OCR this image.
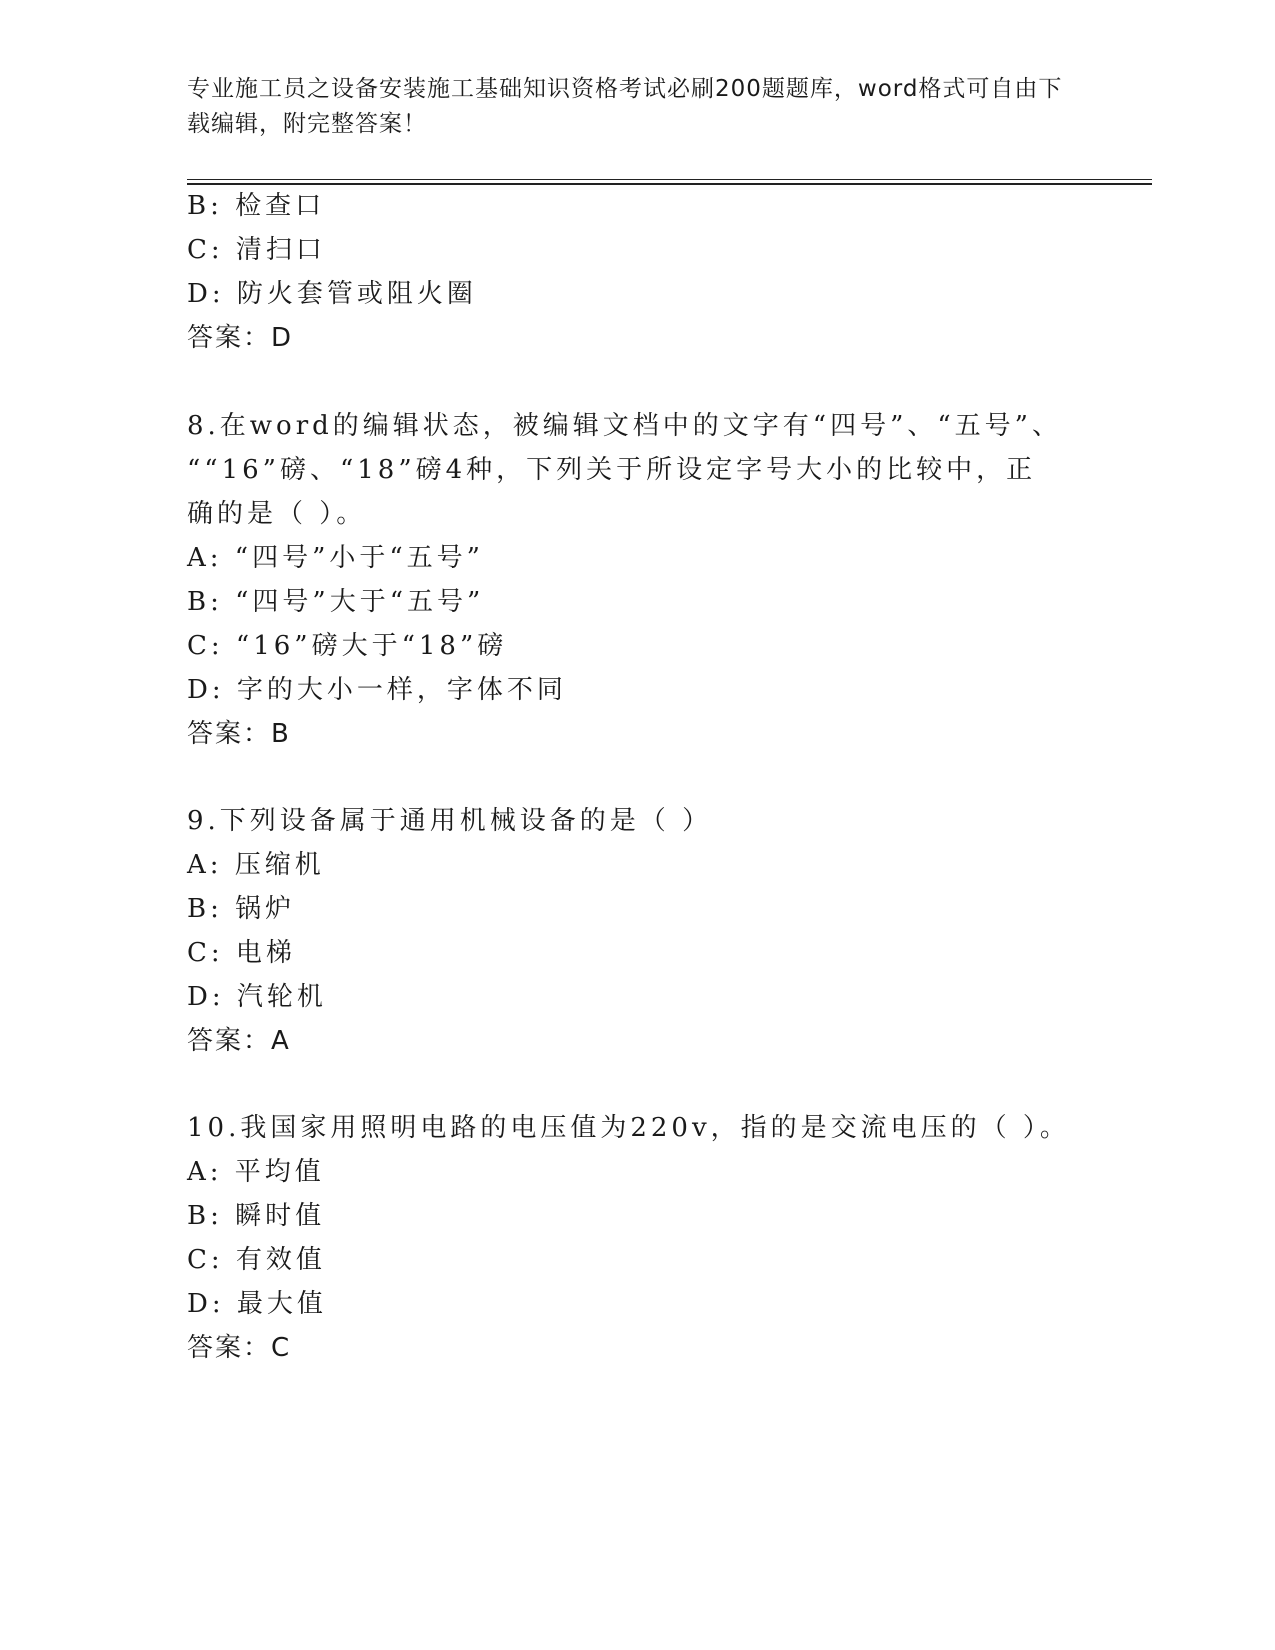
专业施工员之设备安装施工基础知识资格考试必刷200题题库，word格式可自由下载编辑，附完整答案！
B: 检查口
C: 清扫口
D: 防火套管或阻火圈
答案：D
8.在word的编辑状态，被编辑文档中的文字有“四号”、“五号”、
““16”磅、“18”磅4种，下列关于所设定字号大小的比较中，正
确的是（ ）。
A: “四号”小于“五号”
B: “四号”大于“五号”
C: “16”磅大于“18”磅
D: 字的大小一样，字体不同
答案：B
9.下列设备属于通用机械设备的是（ ）
A: 压缩机
B: 锅炉
C: 电梯
D: 汽轮机
答案：A
10.我国家用照明电路的电压值为220v，指的是交流电压的（ ）。
A: 平均值
B: 瞬时值
C: 有效值
D: 最大值
答案：C
